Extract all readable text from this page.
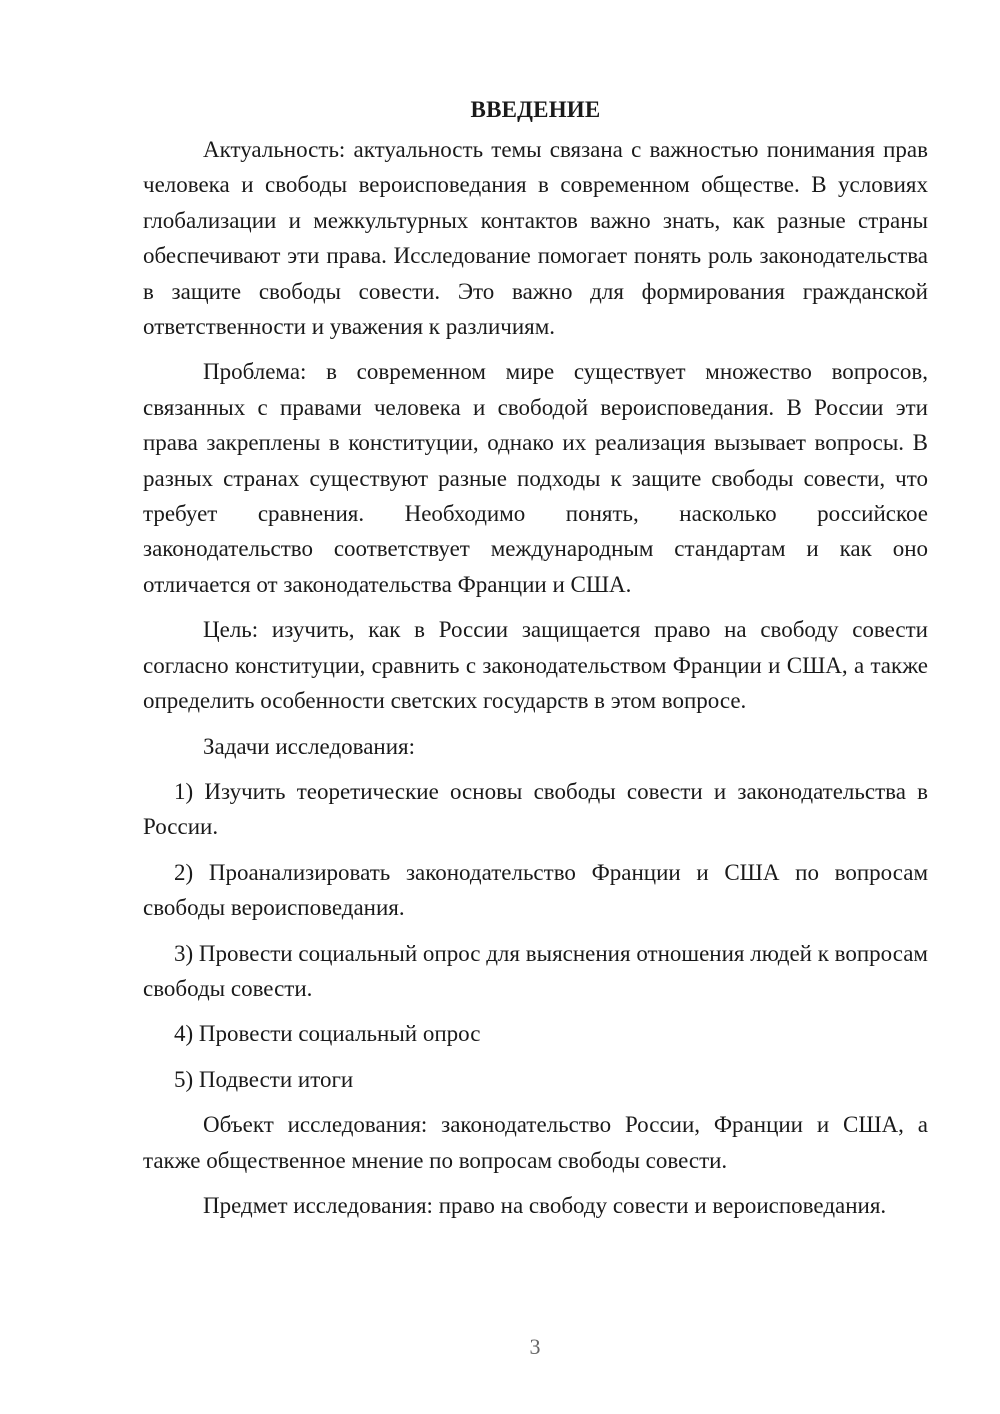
ВВЕДЕНИЕ

Актуальность: актуальность темы связана с важностью понимания прав человека и свободы вероисповедания в современном обществе. В условиях глобализации и межкультурных контактов важно знать, как разные страны обеспечивают эти права. Исследование помогает понять роль законодательства в защите свободы совести. Это важно для формирования гражданской ответственности и уважения к различиям.

Проблема: в современном мире существует множество вопросов, связанных с правами человека и свободой вероисповедания. В России эти права закреплены в конституции, однако их реализация вызывает вопросы. В разных странах существуют разные подходы к защите свободы совести, что требует сравнения. Необходимо понять, насколько российское законодательство соответствует международным стандартам и как оно отличается от законодательства Франции и США.

Цель: изучить, как в России защищается право на свободу совести согласно конституции, сравнить с законодательством Франции и США, а также определить особенности светских государств в этом вопросе.

Задачи исследования:

1) Изучить теоретические основы свободы совести и законодательства в России.

2) Проанализировать законодательство Франции и США по вопросам свободы вероисповедания.

3) Провести социальный опрос для выяснения отношения людей к вопросам свободы совести.

4) Провести социальный опрос

5) Подвести итоги

Объект исследования: законодательство России, Франции и США, а также общественное мнение по вопросам свободы совести.

Предмет исследования: право на свободу совести и вероисповедания.

3
